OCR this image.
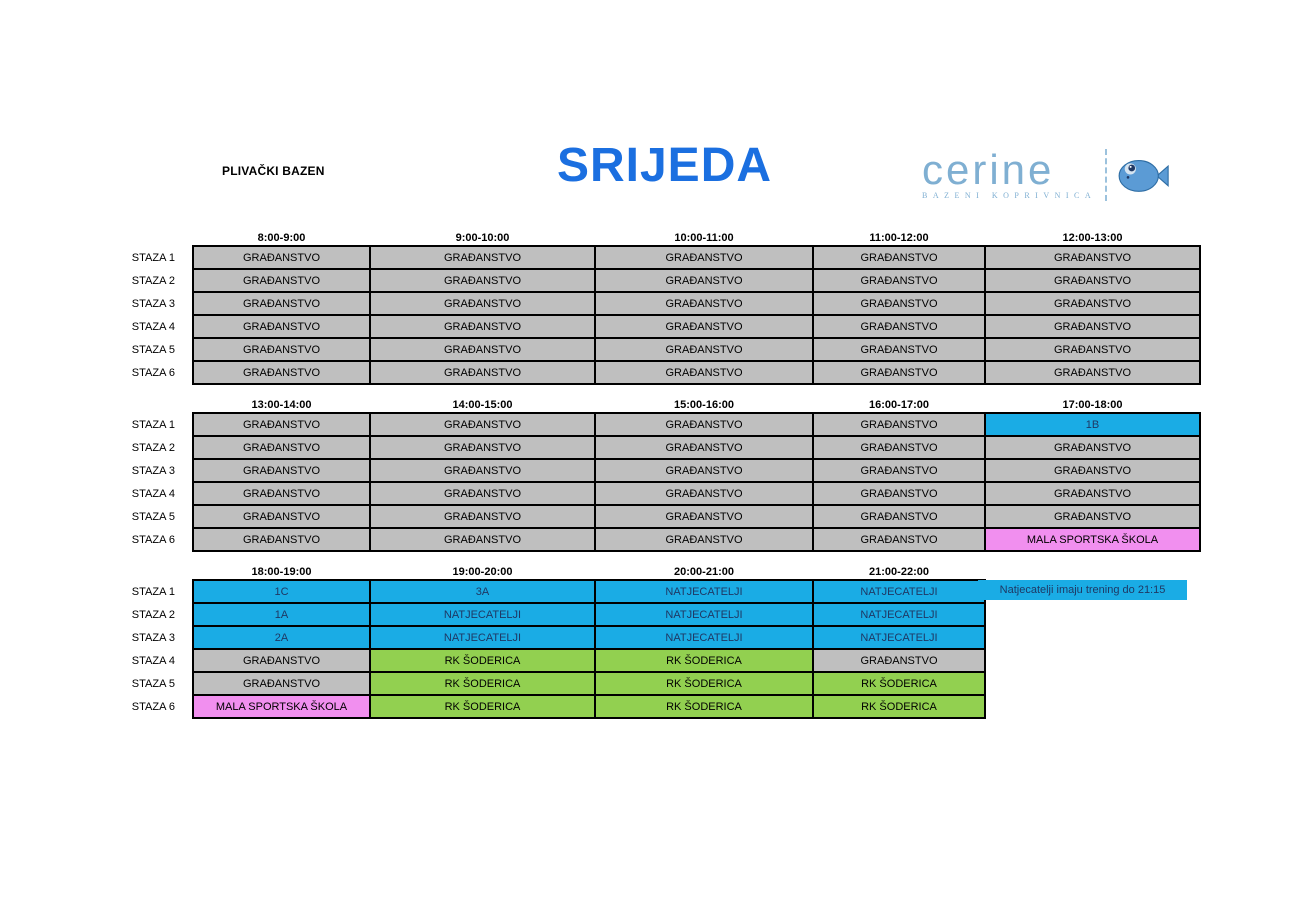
PLIVAČKI BAZEN	SRIJEDA	cerine
BAZENI KOPRIVNICA
	8:00-9:00	9:00-10:00	10:00-11:00	11:00-12:00	12:00-13:00
STAZA 1	GRAĐANSTVO	GRAĐANSTVO	GRAĐANSTVO	GRAĐANSTVO	GRAĐANSTVO
STAZA 2	GRAĐANSTVO	GRAĐANSTVO	GRAĐANSTVO	GRAĐANSTVO	GRAĐANSTVO
STAZA 3	GRAĐANSTVO	GRAĐANSTVO	GRAĐANSTVO	GRAĐANSTVO	GRAĐANSTVO
STAZA 4	GRAĐANSTVO	GRAĐANSTVO	GRAĐANSTVO	GRAĐANSTVO	GRAĐANSTVO
STAZA 5	GRAĐANSTVO	GRAĐANSTVO	GRAĐANSTVO	GRAĐANSTVO	GRAĐANSTVO
STAZA 6	GRAĐANSTVO	GRAĐANSTVO	GRAĐANSTVO	GRAĐANSTVO	GRAĐANSTVO
	13:00-14:00	14:00-15:00	15:00-16:00	16:00-17:00	17:00-18:00
STAZA 1	GRAĐANSTVO	GRAĐANSTVO	GRAĐANSTVO	GRAĐANSTVO	1B
STAZA 2	GRAĐANSTVO	GRAĐANSTVO	GRAĐANSTVO	GRAĐANSTVO	GRAĐANSTVO
STAZA 3	GRAĐANSTVO	GRAĐANSTVO	GRAĐANSTVO	GRAĐANSTVO	GRAĐANSTVO
STAZA 4	GRAĐANSTVO	GRAĐANSTVO	GRAĐANSTVO	GRAĐANSTVO	GRAĐANSTVO
STAZA 5	GRAĐANSTVO	GRAĐANSTVO	GRAĐANSTVO	GRAĐANSTVO	GRAĐANSTVO
STAZA 6	GRAĐANSTVO	GRAĐANSTVO	GRAĐANSTVO	GRAĐANSTVO	MALA SPORTSKA ŠKOLA
	18:00-19:00	19:00-20:00	20:00-21:00	21:00-22:00
STAZA 1	1C	3A	NATJECATELJI	NATJECATELJI
STAZA 2	1A	NATJECATELJI	NATJECATELJI	NATJECATELJI
STAZA 3	2A	NATJECATELJI	NATJECATELJI	NATJECATELJI
STAZA 4	GRAĐANSTVO	RK ŠODERICA	RK ŠODERICA	GRAĐANSTVO
STAZA 5	GRAĐANSTVO	RK ŠODERICA	RK ŠODERICA	RK ŠODERICA
STAZA 6	MALA SPORTSKA ŠKOLA	RK ŠODERICA	RK ŠODERICA	RK ŠODERICA
Natjecatelji imaju trening do 21:15
